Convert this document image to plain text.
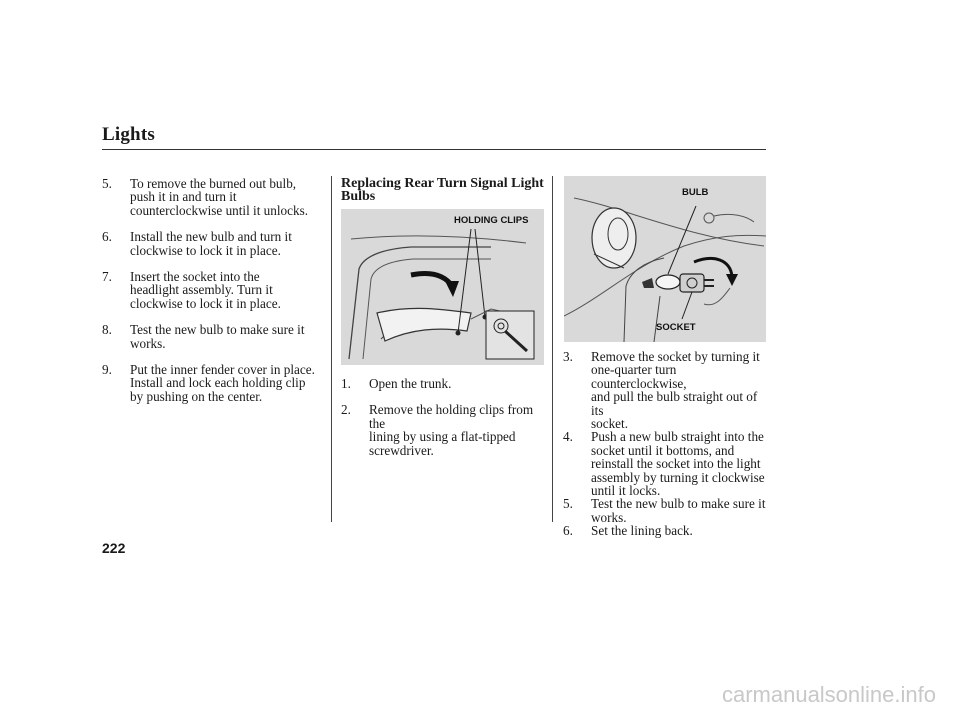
Lights
5.	To remove the burned out bulb,
push it in and turn it
counterclockwise until it unlocks.
6.	Install the new bulb and turn it
clockwise to lock it in place.
7.	Insert the socket into the
headlight assembly. Turn it
clockwise to lock it in place.
8.	Test the new bulb to make sure it
works.
9.	Put the inner fender cover in place.
Install and lock each holding clip
by pushing on the center.
Replacing Rear Turn Signal Light
Bulbs
HOLDING CLIPS
1.	Open the trunk.
2.	Remove the holding clips from the
lining by using a flat-tipped
screwdriver.
BULB
SOCKET
3.	Remove the socket by turning it
one-quarter turn counterclockwise,
and pull the bulb straight out of its
socket.
4.	Push a new bulb straight into the
socket until it bottoms, and
reinstall the socket into the light
assembly by turning it clockwise
until it locks.
5.	Test the new bulb to make sure it
works.
6.	Set the lining back.
222
carmanualsonline.info
